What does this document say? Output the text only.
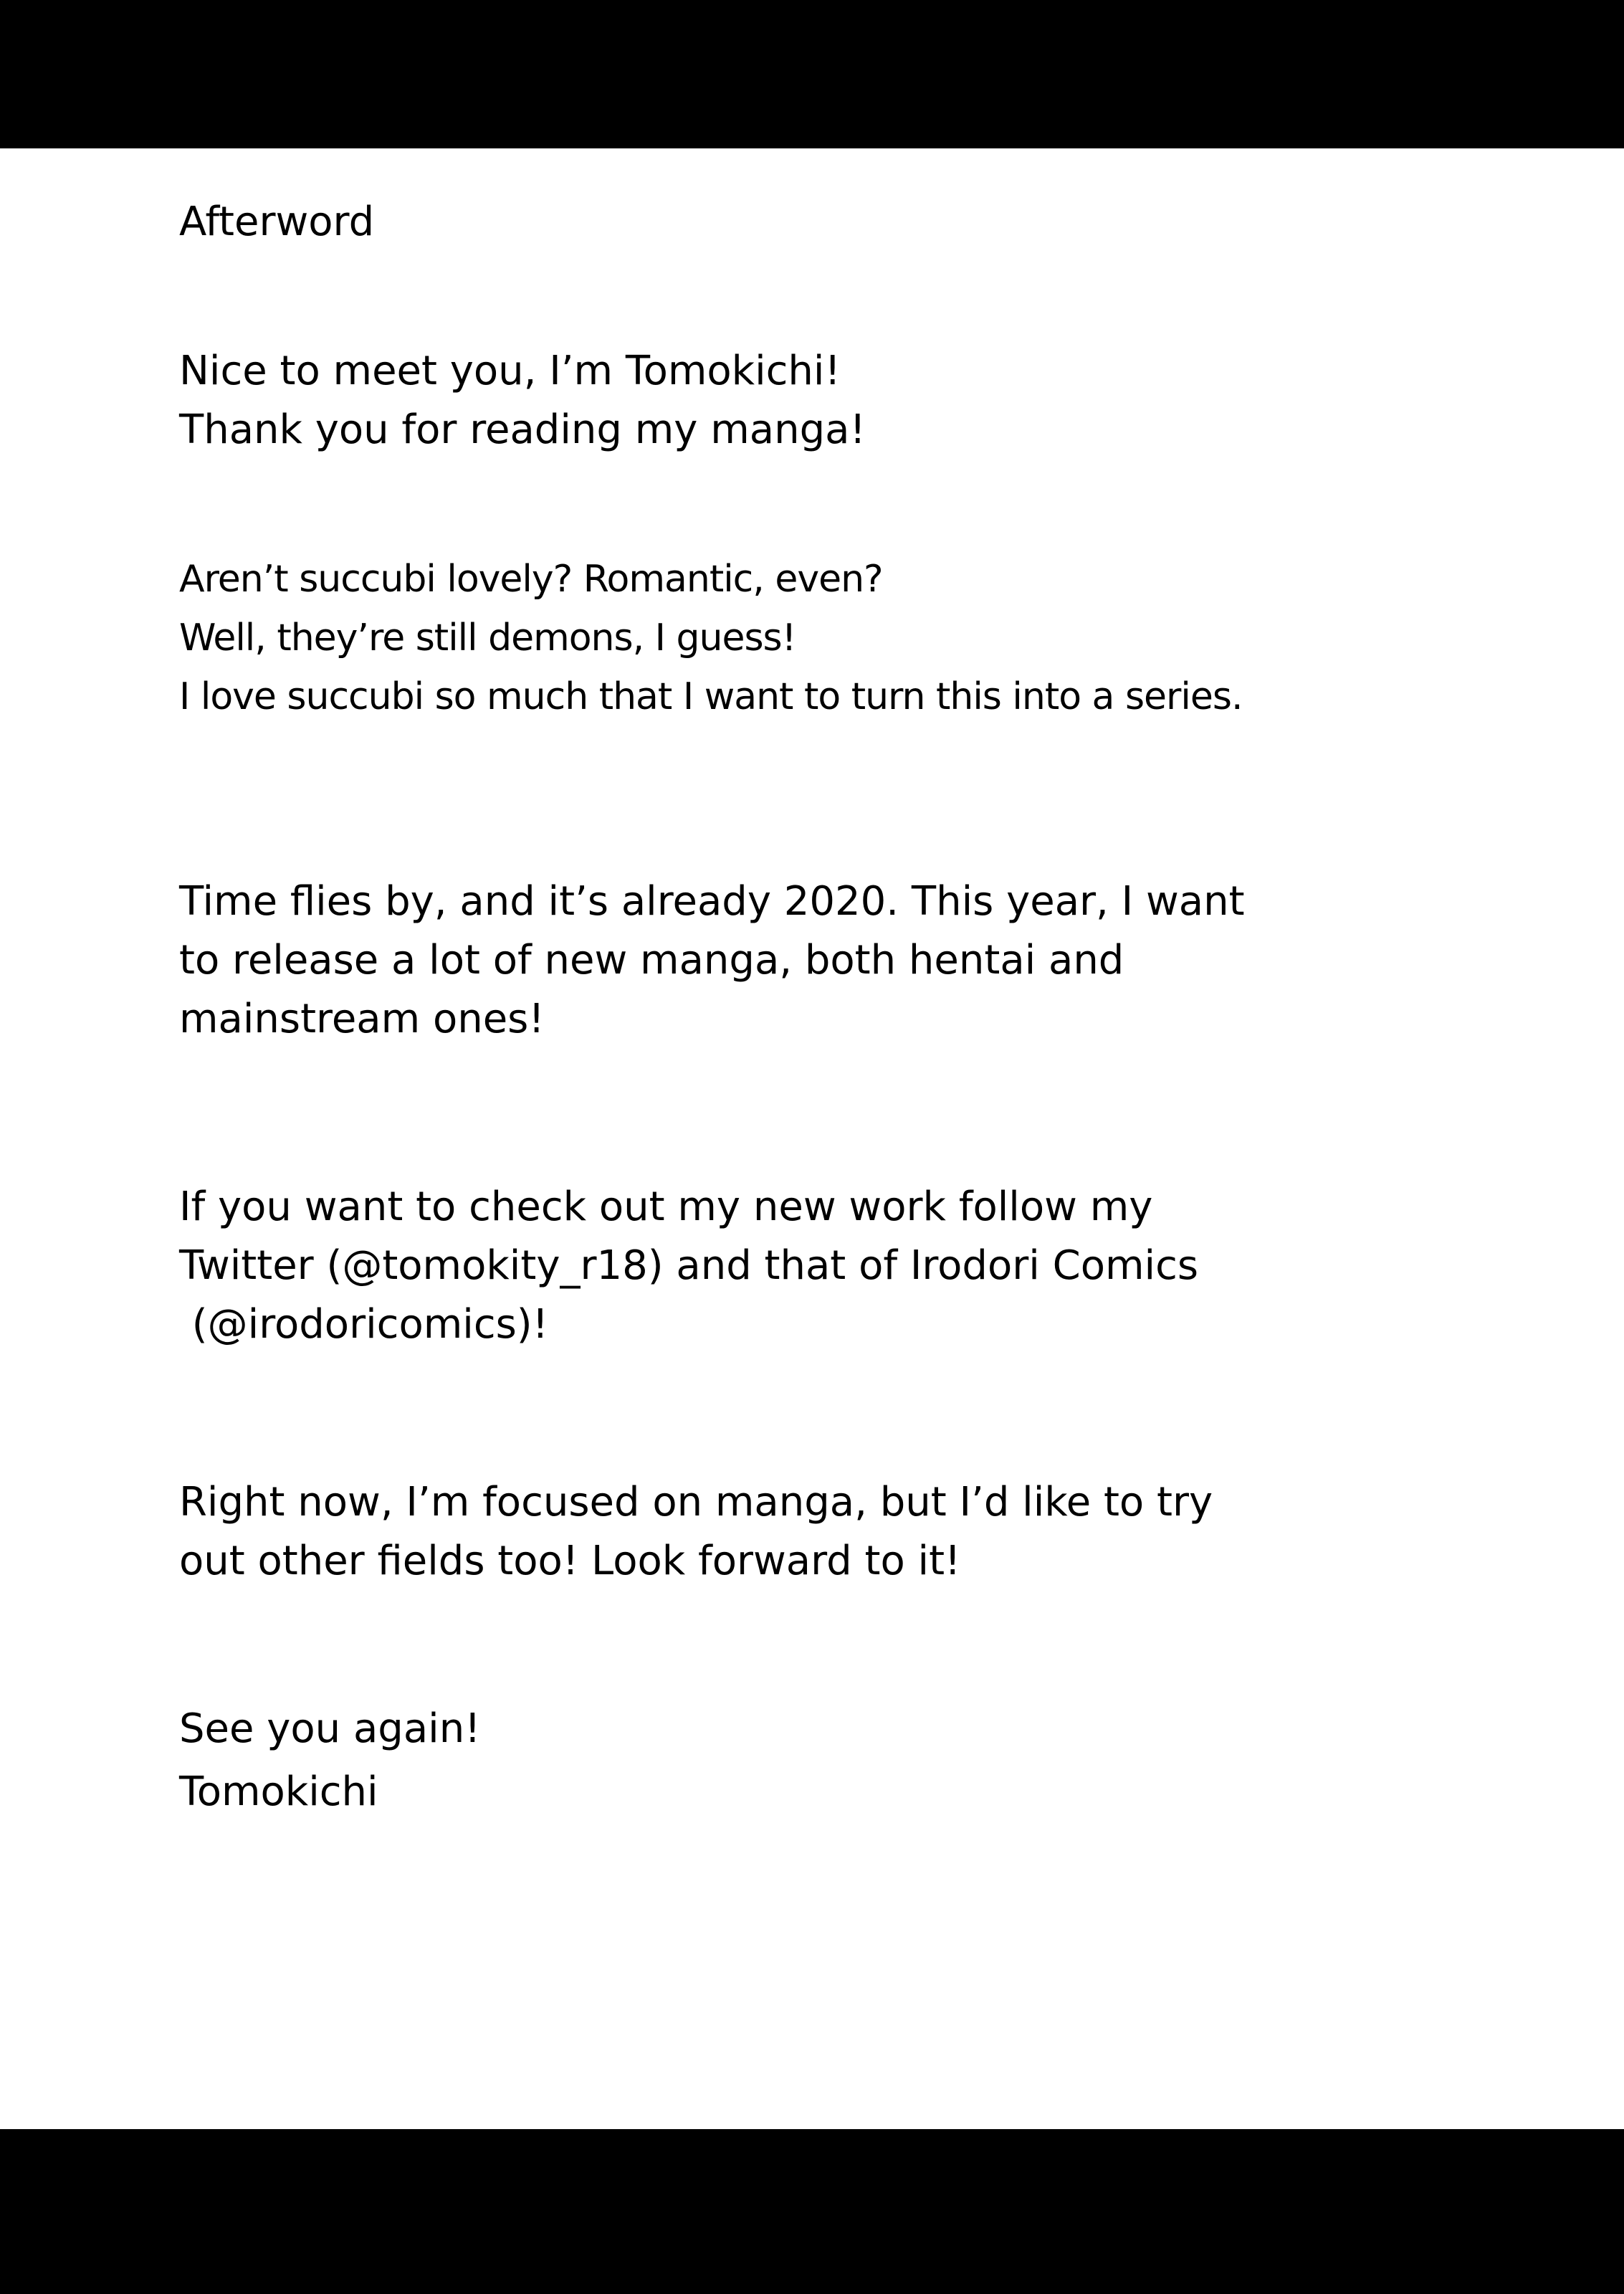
Afterword

Nice to meet you, I’m Tomokichi!

Thank you for reading my manga!

Aren’t succubi lovely? Romantic, even?

Well, they’re still demons, I guess!

I love succubi so much that I want to turn this into a series.

Time flies by, and it’s already 2020. This year, I want

to release a lot of new manga, both hentai and

mainstream ones!

If you want to check out my new work follow my

Twitter (@tomokity_r18) and that of Irodori Comics

(@irodoricomics)!

Right now, I’m focused on manga, but I’d like to try

out other fields too! Look forward to it!

See you again!

Tomokichi
